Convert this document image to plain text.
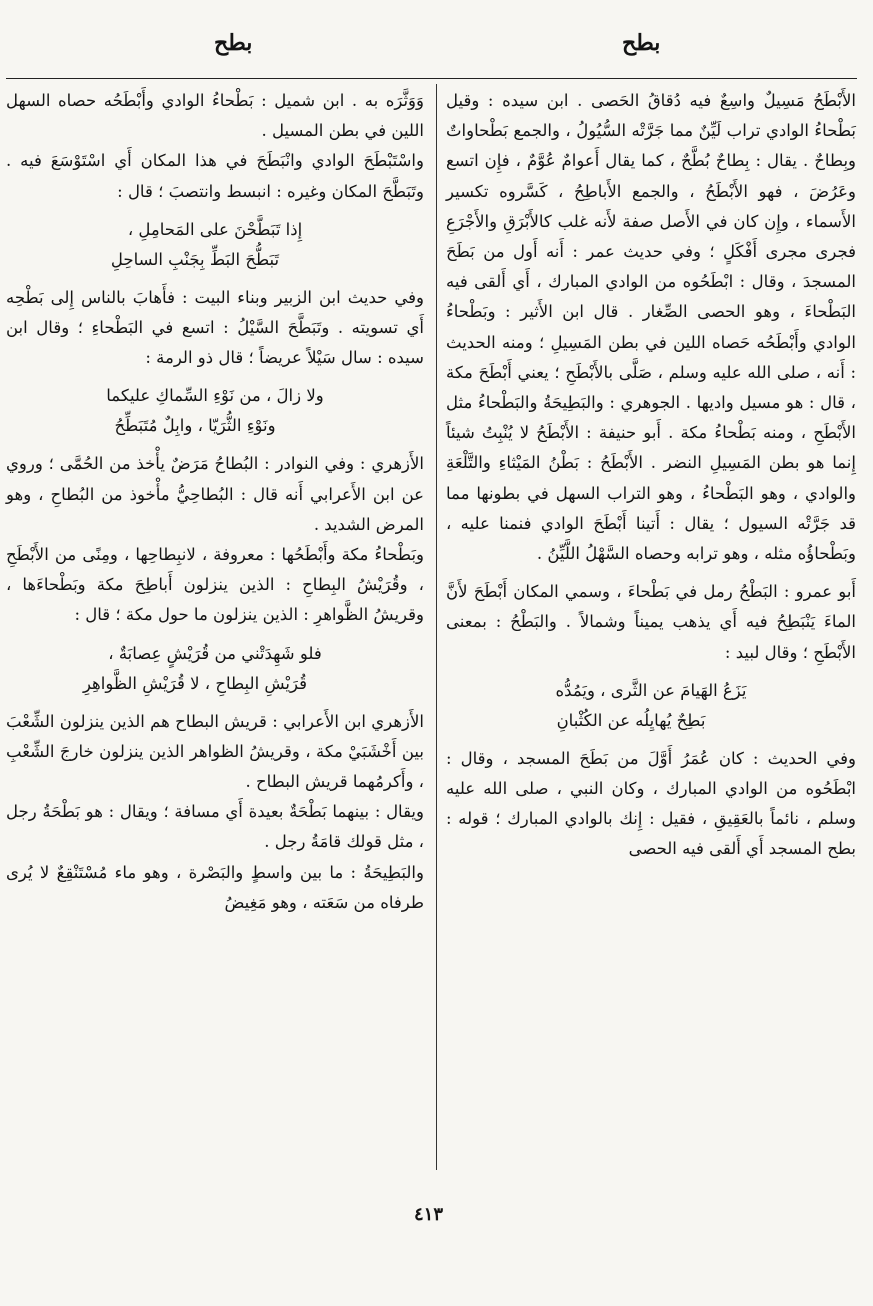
بطح
بطح

الأَبْطَحُ مَسِيلٌ واسِعٌ فيه دُقاقُ الحَصى . ابن سيده : وقيل بَطْحاءُ الوادي تراب لَيِّنٌ مما جَرَّتْه السُّيُولُ ، والجمع بَطْحاواتٌ وبِطاحٌ . يقال : بِطاحٌ بُطَّحٌ ، كما يقال أَعوامٌ عُوَّمٌ ، فإِن اتسع وعَرُضَ ، فهو الأَبْطَحُ ، والجمع الأَباطِحُ ، كَسَّروه تكسير الأَسماء ، وإِن كان في الأَصل صفة لأَنه غلب كالأَبْرَقِ والأَجْرَعِ فجرى مجرى أَفْكَلٍ ؛ وفي حديث عمر : أَنه أَول من بَطَحَ المسجدَ ، وقال : ابْطَحُوه من الوادي المبارك ، أَي أَلقى فيه البَطْحاءَ ، وهو الحصى الصِّغار . قال ابن الأَثير : وبَطْحاءُ الوادي وأَبْطَحُه حَصاه اللين في بطن المَسِيلِ ؛ ومنه الحديث : أَنه ، صلى الله عليه وسلم ، صَلَّى بالأَبْطَحِ ؛ يعني أَبْطَحَ مكة ، قال : هو مسيل واديها . الجوهري : والبَطِيحَةُ والبَطْحاءُ مثل الأَبْطَحِ ، ومنه بَطْحاءُ مكة . أَبو حنيفة : الأَبْطَحُ لا يُنْبِتُ شيئاً إِنما هو بطن المَسِيلِ النضر . الأَبْطَحُ : بَطْنُ المَيْثاءِ والتَّلْعَةِ والوادي ، وهو البَطْحاءُ ، وهو التراب السهل في بطونها مما قد جَرَّتْه السيول ؛ يقال : أَتينا أَبْطَحَ الوادي فنمنا عليه ، وبَطْحاؤُه مثله ، وهو ترابه وحصاه السَّهْلُ اللَّيِّنُ .

أَبو عمرو : البَطْحُ رمل في بَطْحاءَ ، وسمي المكان أَبْطَحَ لأَنَّ الماءَ يَنْبَطِحُ فيه أَي يذهب يميناً وشمالاً . والبَطْحُ : بمعنى الأَبْطَحِ ؛ وقال لبيد :

يَزَعُ الهَيامَ عن الثَّرى ، ويَمُدُّه
بَطِحٌ يُهايِلُه عن الكُثْبانِ

وفي الحديث : كان عُمَرُ أَوَّلَ من بَطَحَ المسجد ، وقال : ابْطَحُوه من الوادي المبارك ، وكان النبي ، صلى الله عليه وسلم ، نائماً بالعَقِيقِ ، فقيل : إِنك بالوادي المبارك ؛ قوله : بطح المسجد أَي أَلقى فيه الحصى

وَوَثَّرَه به . ابن شميل : بَطْحاءُ الوادي وأَبْطَحُه حصاه السهل اللين في بطن المسيل .

واسْتَبْطَحَ الوادي وانْبَطَحَ في هذا المكان أَي اسْتَوْسَعَ فيه . وتَبَطَّحَ المكان وغيره : انبسط وانتصبَ ؛ قال :

إِذا تَبَطَّحْنَ على المَحامِلِ ،
تَبَطُّحَ البَطِّ بِجَنْبِ الساحِلِ

وفي حديث ابن الزبير وبناء البيت : فأَهابَ بالناس إِلى بَطْحِه أَي تسويته . وتَبَطَّحَ السَّيْلُ : اتسع في البَطْحاءِ ؛ وقال ابن سيده : سال سَيْلاً عريضاً ؛ قال ذو الرمة :

ولا زالَ ، من نَوْءِ السِّماكِ عليكما
ونَوْءِ الثُّرَيّا ، وابِلٌ مُتَبَطِّحُ

الأَزهري : وفي النوادر : البُطاحُ مَرَضٌ يأْخذ من الحُمَّى ؛ وروي عن ابن الأَعرابي أَنه قال : البُطاحِيُّ مأْخوذ من البُطاحِ ، وهو المرض الشديد .

وبَطْحاءُ مكة وأَبْطَحُها : معروفة ، لانبِطاحِها ، ومِنًى من الأَبْطَحِ ، وقُرَيْشُ البِطاحِ : الذين ينزلون أَباطِحَ مكة وبَطْحاءَها ، وقريشُ الظَّواهرِ : الذين ينزلون ما حول مكة ؛ قال :

فلو شَهِدَتْني من قُرَيْشٍ عِصابَةٌ ،
قُرَيْشِ البِطاحِ ، لا قُرَيْشِ الظَّواهِرِ

الأَزهري ابن الأَعرابي : قريش البطاح هم الذين ينزلون الشِّعْبَ بين أَخْشَبَيْ مكة ، وقريشُ الظواهر الذين ينزلون خارجَ الشِّعْبِ ، وأَكرمُهما قريش البطاح .

ويقال : بينهما بَطْحَةٌ بعيدة أَي مسافة ؛ ويقال : هو بَطْحَةُ رجل ، مثل قولك قامَةُ رجل .

والبَطِيحَةُ : ما بين واسطٍ والبَصْرة ، وهو ماء مُسْتَنْقِعٌ لا يُرى طرفاه من سَعَته ، وهو مَغِيضُ

٤١٣
